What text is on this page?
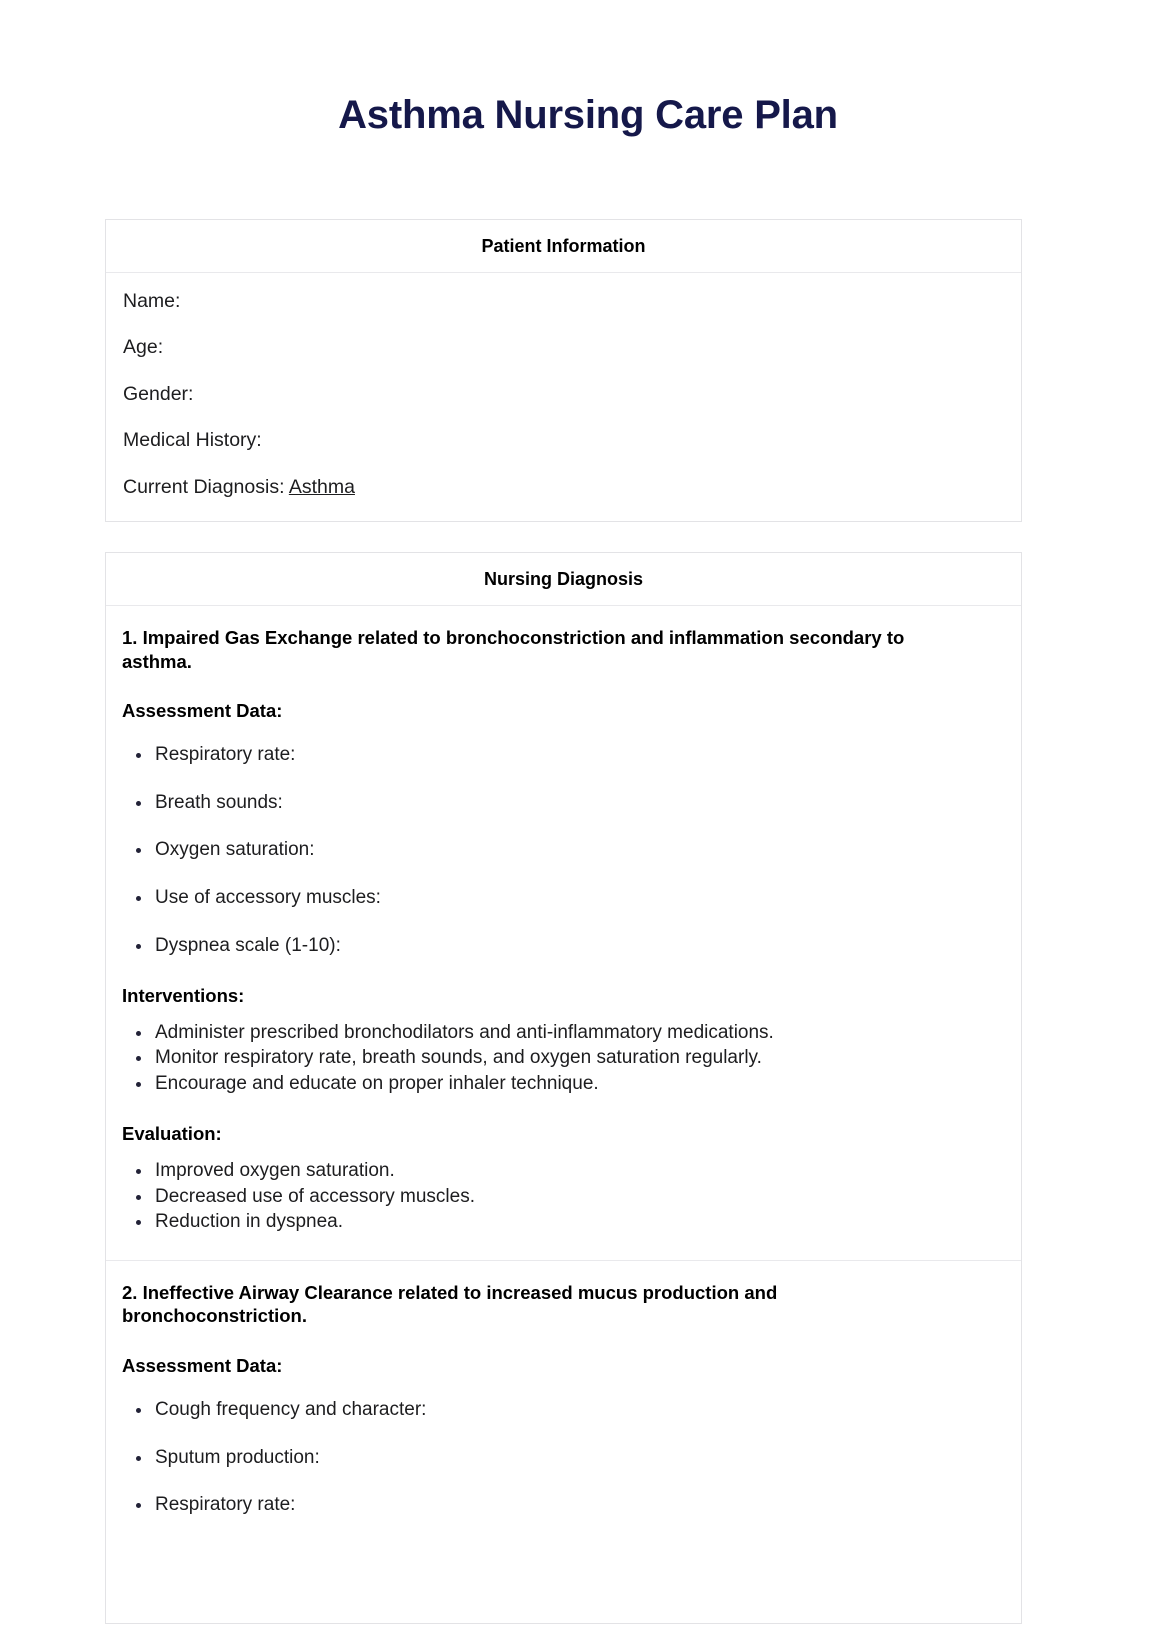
Asthma Nursing Care Plan
Patient Information
Name:
Age:
Gender:
Medical History:
Current Diagnosis: Asthma
Nursing Diagnosis
1. Impaired Gas Exchange related to bronchoconstriction and inflammation secondary to asthma.
Assessment Data:
Respiratory rate:
Breath sounds:
Oxygen saturation:
Use of accessory muscles:
Dyspnea scale (1-10):
Interventions:
Administer prescribed bronchodilators and anti-inflammatory medications.
Monitor respiratory rate, breath sounds, and oxygen saturation regularly.
Encourage and educate on proper inhaler technique.
Evaluation:
Improved oxygen saturation.
Decreased use of accessory muscles.
Reduction in dyspnea.
2. Ineffective Airway Clearance related to increased mucus production and bronchoconstriction.
Assessment Data:
Cough frequency and character:
Sputum production:
Respiratory rate:
